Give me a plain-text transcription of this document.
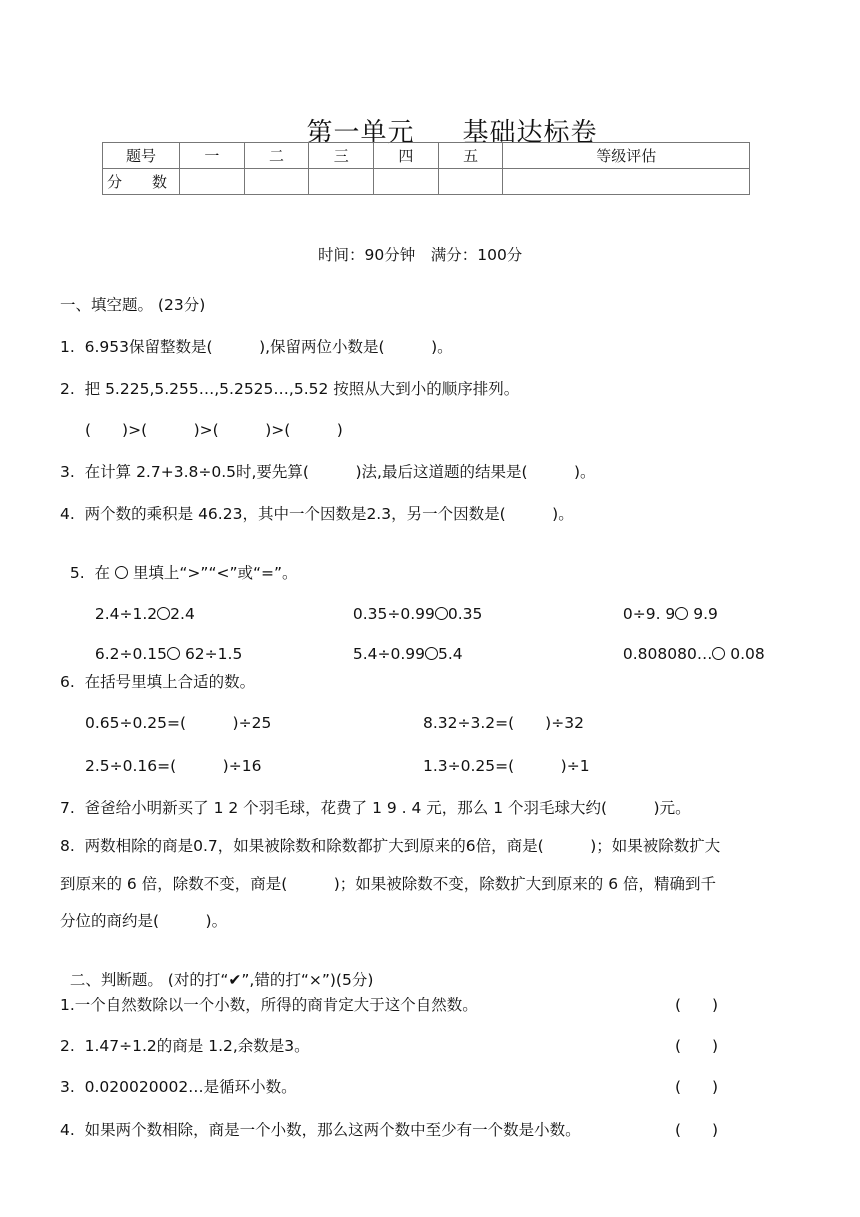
第一单元 基础达标卷

题号	一	二	三	四	五	等级评估
分　　数						
时间：90分钟　满分：100分
一、填空题。 (23分)
1.  6.953保留整数是(　　　),保留两位小数是(　　　)。
2.  把 5.225,5.255…,5.2525…,5.52 按照从大到小的顺序排列。
(　　)>(　　　)>(　　　)>(　　　)
3.  在计算 2.7+3.8÷0.5时,要先算(　　　)法,最后这道题的结果是(　　　)。
4.  两个数的乘积是 46.23，其中一个因数是2.3，另一个因数是(　　　)。

5.  在 里填上“>”“<”或“=”。

2.4÷1.2 2.4	0.35÷0.99 0.35	0÷9. 9 9.9

6.2÷0.15 62÷1.5	5.4÷0.99 5.4	0.808080… 0.08

6.  在括号里填上合适的数。
0.65÷0.25=(　　　)÷25	8.32÷3.2=(　　)÷32
2.5÷0.16=(　　　)÷16	1.3÷0.25=(　　　)÷1
7.  爸爸给小明新买了 1 2 个羽毛球，花费了 1 9 . 4 元，那么 1 个羽毛球大约(　　　)元。
8.  两数相除的商是0.7，如果被除数和除数都扩大到原来的6倍，商是(　　　)；如果被除数扩大
到原来的 6 倍，除数不变，商是(　　　)；如果被除数不变，除数扩大到原来的 6 倍，精确到千
分位的商约是(　　　)。

二、判断题。 (对的打“✔”,错的打“×”)(5分)

1.一个自然数除以一个小数，所得的商肯定大于这个自然数。	(　　)
2.  1.47÷1.2的商是 1.2,余数是3。	(　　)
3.  0.020020002…是循环小数。	(　　)
4.  如果两个数相除，商是一个小数，那么这两个数中至少有一个数是小数。	(　　)
